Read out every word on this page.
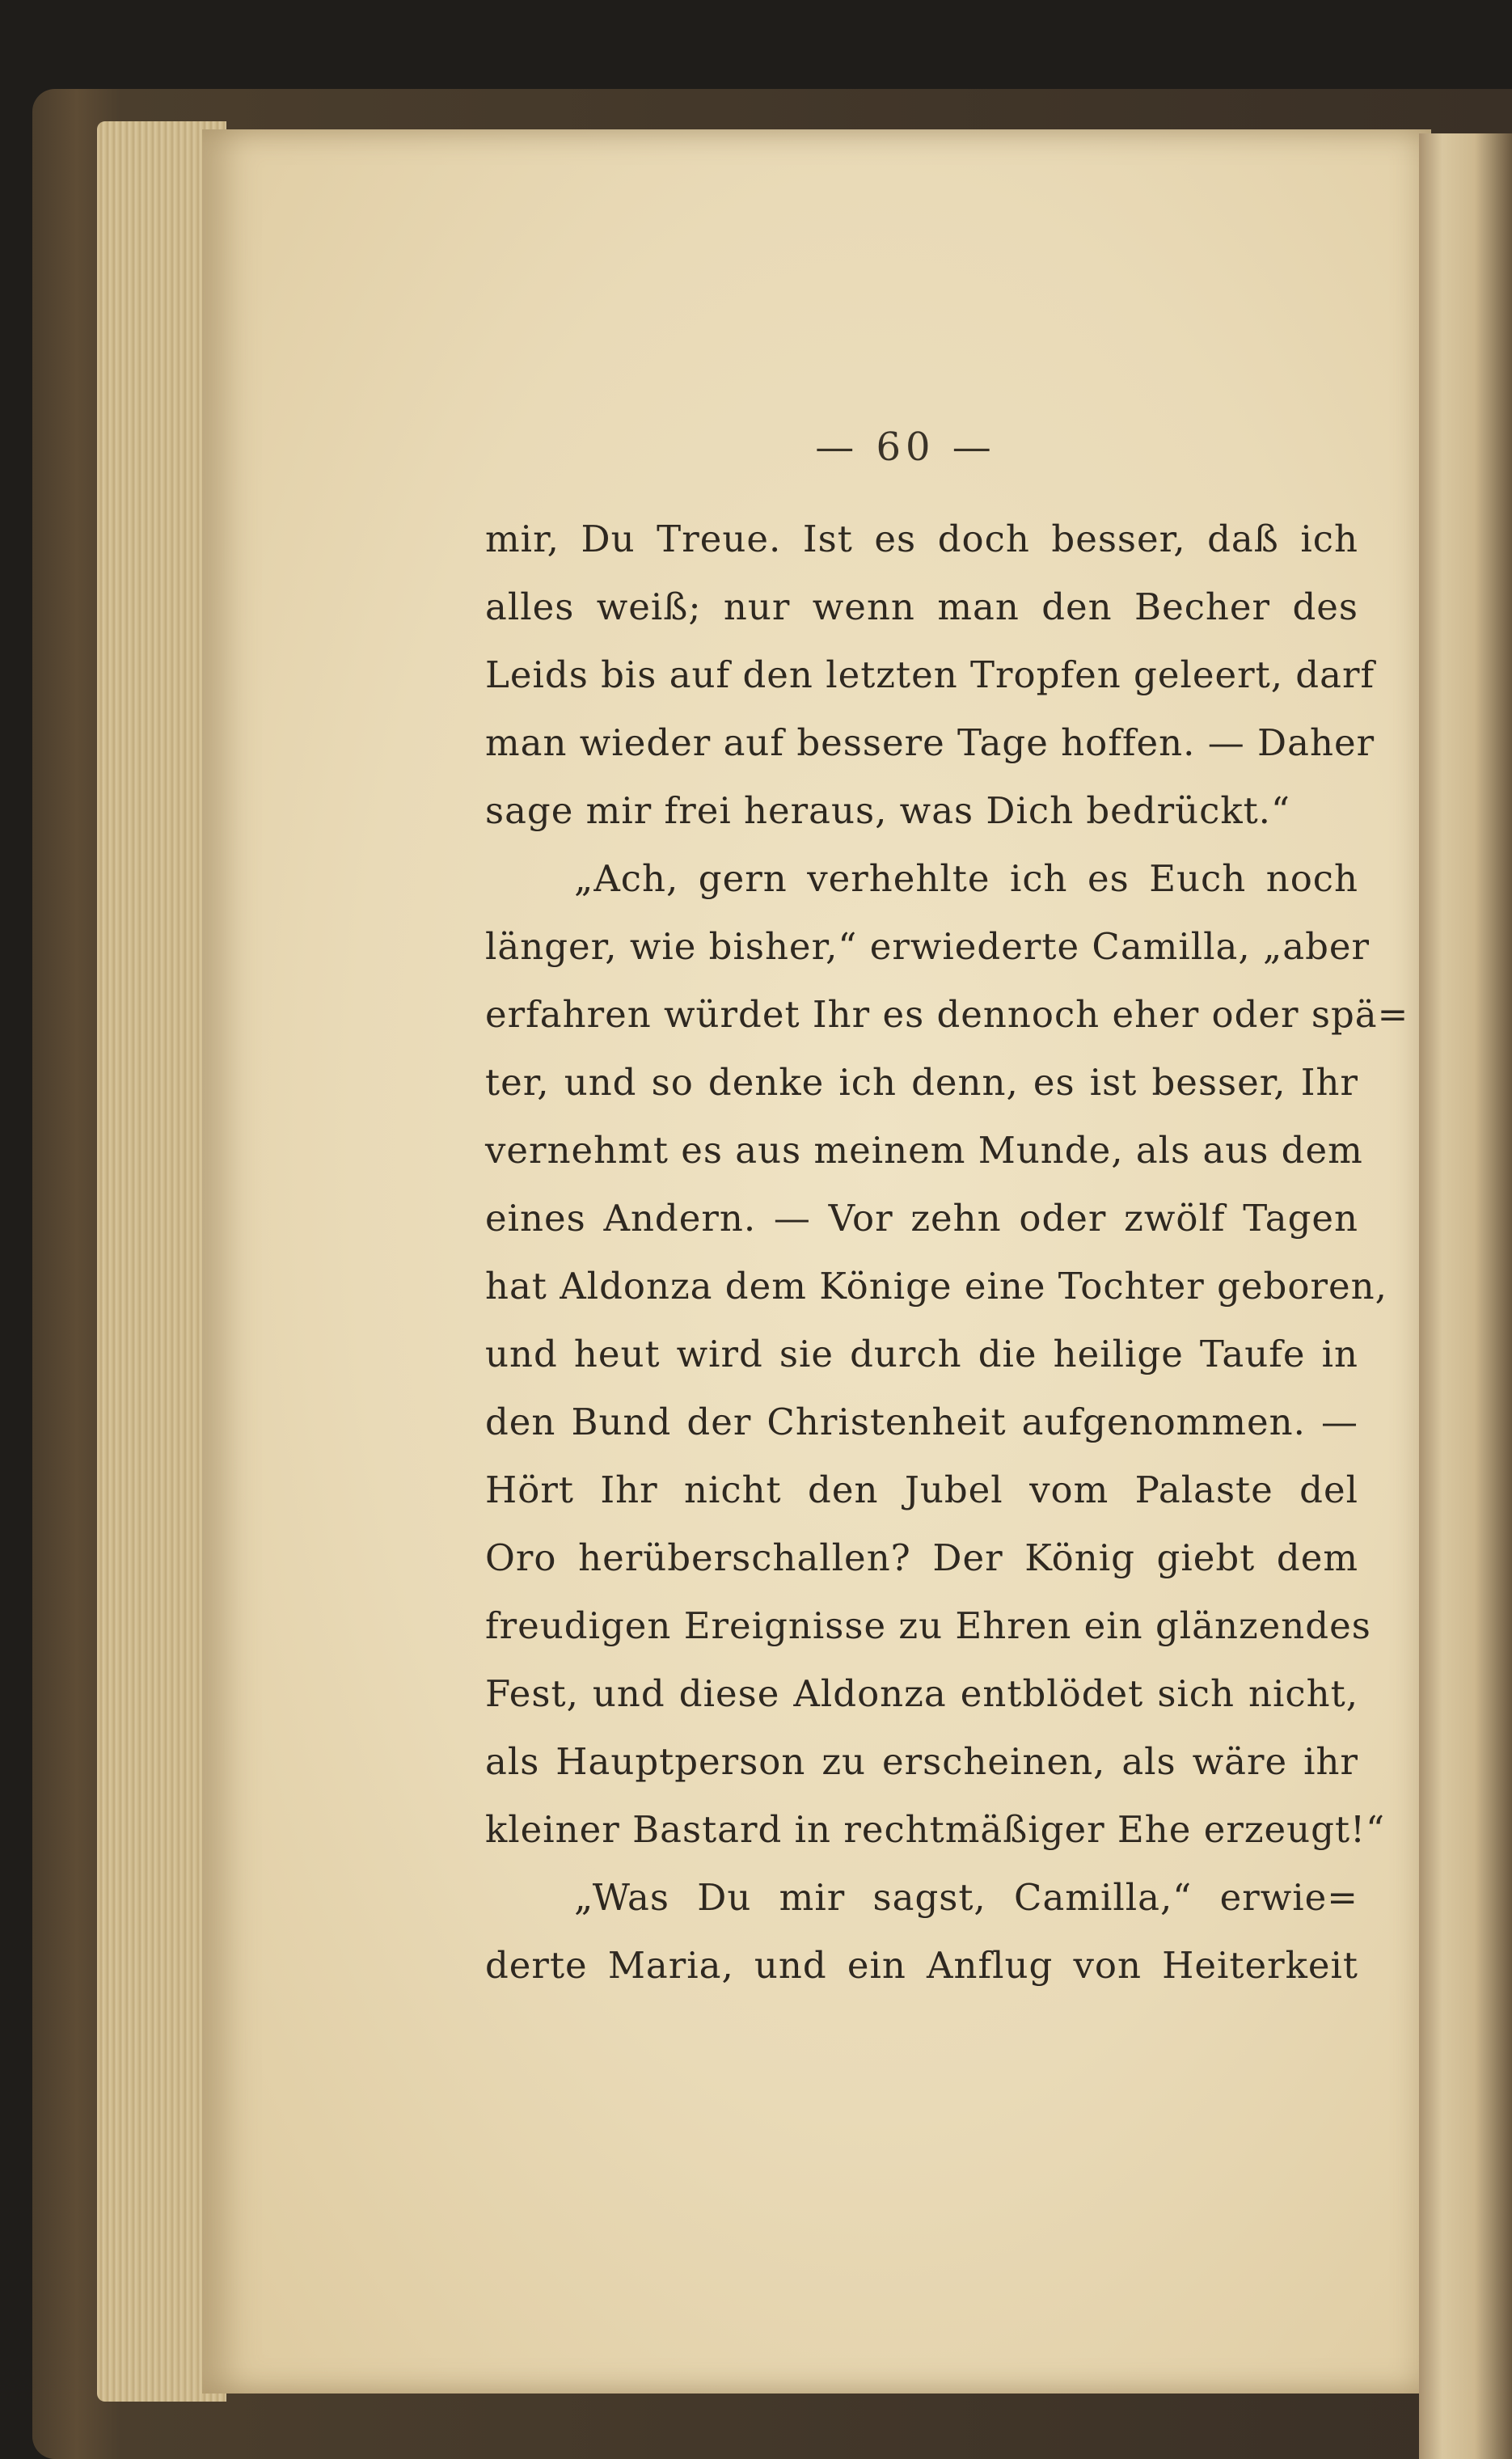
— 60 —
mir, Du Treue. Ist es doch besser, daß ich
alles weiß; nur wenn man den Becher des
Leids bis auf den letzten Tropfen geleert, darf
man wieder auf bessere Tage hoffen. — Daher
sage mir frei heraus, was Dich bedrückt.“
„Ach, gern verhehlte ich es Euch noch
länger, wie bisher,“ erwiederte Camilla, „aber
erfahren würdet Ihr es dennoch eher oder spä=
ter, und so denke ich denn, es ist besser, Ihr
vernehmt es aus meinem Munde, als aus dem
eines Andern. — Vor zehn oder zwölf Tagen
hat Aldonza dem Könige eine Tochter geboren,
und heut wird sie durch die heilige Taufe in
den Bund der Christenheit aufgenommen. —
Hört Ihr nicht den Jubel vom Palaste del
Oro herüberschallen? Der König giebt dem
freudigen Ereignisse zu Ehren ein glänzendes
Fest, und diese Aldonza entblödet sich nicht,
als Hauptperson zu erscheinen, als wäre ihr
kleiner Bastard in rechtmäßiger Ehe erzeugt!“
„Was Du mir sagst, Camilla,“ erwie=
derte Maria, und ein Anflug von Heiterkeit
